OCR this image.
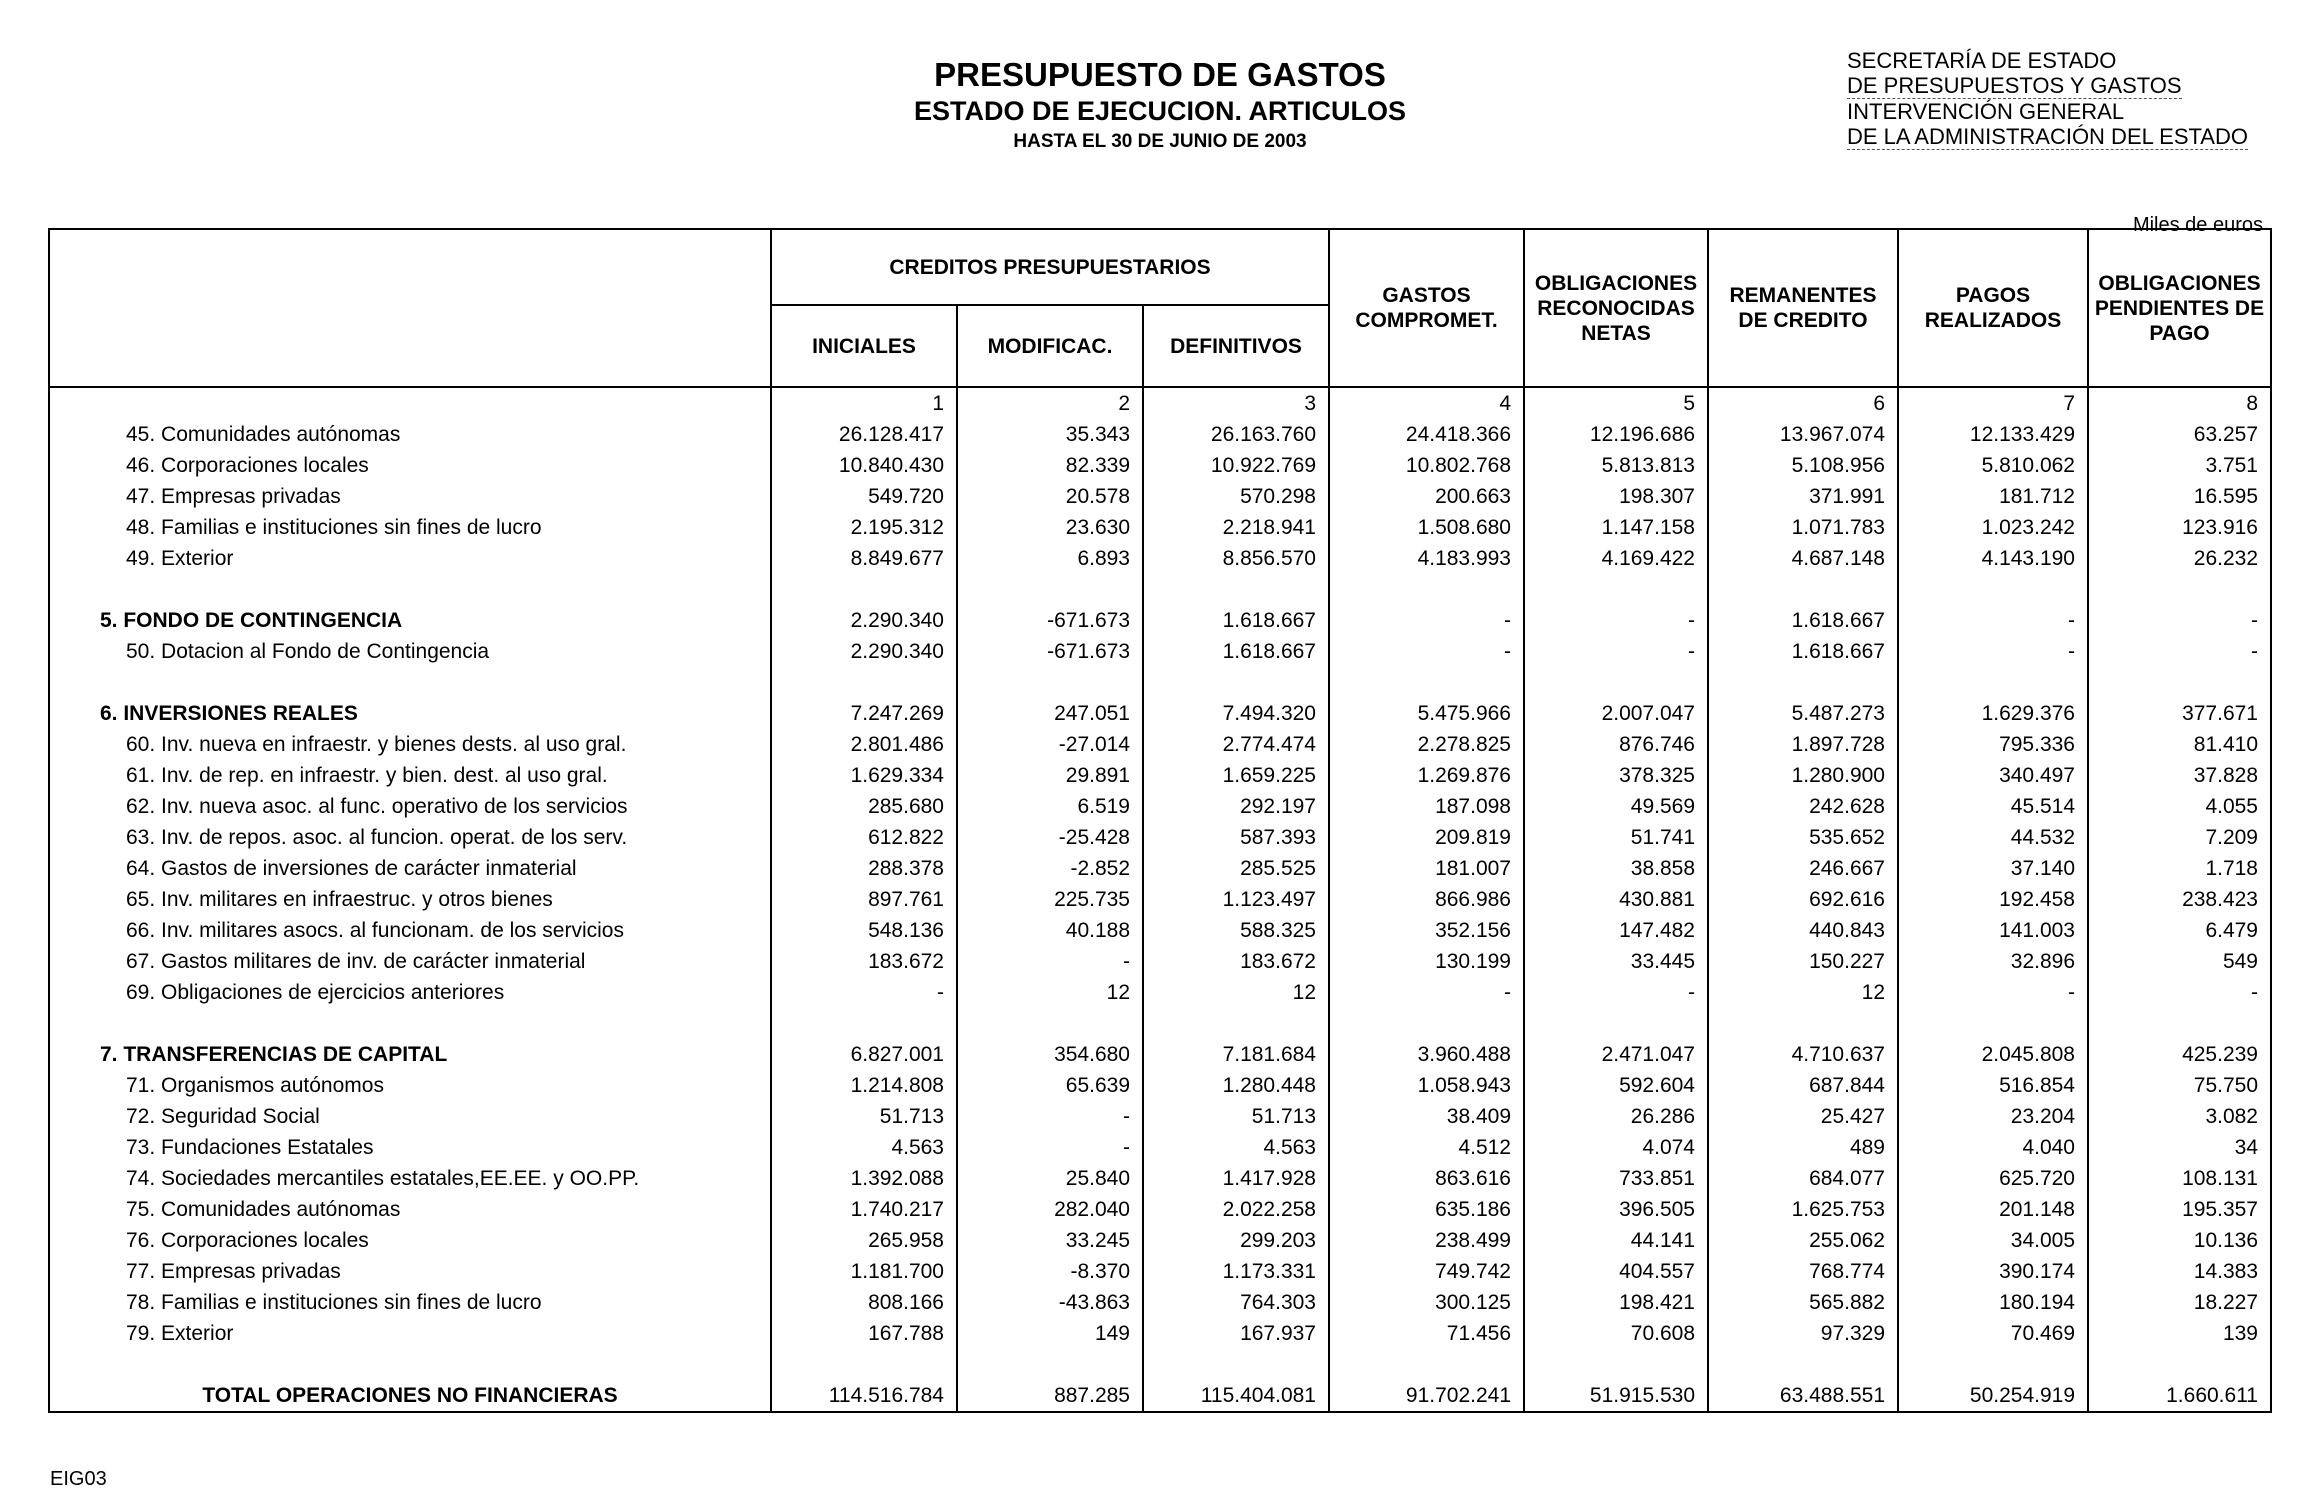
PRESUPUESTO DE GASTOS
ESTADO DE EJECUCION. ARTICULOS
HASTA EL 30 DE JUNIO DE 2003
SECRETARÍA DE ESTADO
DE PRESUPUESTOS Y GASTOS
INTERVENCIÓN GENERAL
DE LA ADMINISTRACIÓN DEL ESTADO
Miles de euros
	CREDITOS PRESUPUESTARIOS			GASTOS COMPROMET.	OBLIGACIONES RECONOCIDAS NETAS	REMANENTES DE CREDITO	PAGOS REALIZADOS	OBLIGACIONES PENDIENTES DE PAGO
	INICIALES	MODIFICAC.	DEFINITIVOS					
	1	2	3	4	5	6	7	8
45. Comunidades autónomas	26.128.417	35.343	26.163.760	24.418.366	12.196.686	13.967.074	12.133.429	63.257
46. Corporaciones locales	10.840.430	82.339	10.922.769	10.802.768	5.813.813	5.108.956	5.810.062	3.751
47. Empresas privadas	549.720	20.578	570.298	200.663	198.307	371.991	181.712	16.595
48. Familias e instituciones sin fines de lucro	2.195.312	23.630	2.218.941	1.508.680	1.147.158	1.071.783	1.023.242	123.916
49. Exterior	8.849.677	6.893	8.856.570	4.183.993	4.169.422	4.687.148	4.143.190	26.232

5. FONDO DE CONTINGENCIA	2.290.340	-671.673	1.618.667	-	-	1.618.667	-	-
50. Dotacion al Fondo de Contingencia	2.290.340	-671.673	1.618.667	-	-	1.618.667	-	-

6. INVERSIONES REALES	7.247.269	247.051	7.494.320	5.475.966	2.007.047	5.487.273	1.629.376	377.671
60. Inv. nueva en infraestr. y bienes dests. al uso gral.	2.801.486	-27.014	2.774.474	2.278.825	876.746	1.897.728	795.336	81.410
61. Inv. de rep. en infraestr. y bien. dest. al uso gral.	1.629.334	29.891	1.659.225	1.269.876	378.325	1.280.900	340.497	37.828
62. Inv. nueva asoc. al func. operativo de los servicios	285.680	6.519	292.197	187.098	49.569	242.628	45.514	4.055
63. Inv. de repos. asoc. al funcion. operat. de los serv.	612.822	-25.428	587.393	209.819	51.741	535.652	44.532	7.209
64. Gastos de inversiones de carácter inmaterial	288.378	-2.852	285.525	181.007	38.858	246.667	37.140	1.718
65. Inv. militares en infraestruc. y otros bienes	897.761	225.735	1.123.497	866.986	430.881	692.616	192.458	238.423
66. Inv. militares asocs. al funcionam. de los servicios	548.136	40.188	588.325	352.156	147.482	440.843	141.003	6.479
67. Gastos militares de inv. de carácter inmaterial	183.672	-	183.672	130.199	33.445	150.227	32.896	549
69. Obligaciones de ejercicios anteriores	-	12	12	-	-	12	-	-

7. TRANSFERENCIAS DE CAPITAL	6.827.001	354.680	7.181.684	3.960.488	2.471.047	4.710.637	2.045.808	425.239
71. Organismos autónomos	1.214.808	65.639	1.280.448	1.058.943	592.604	687.844	516.854	75.750
72. Seguridad Social	51.713	-	51.713	38.409	26.286	25.427	23.204	3.082
73. Fundaciones Estatales	4.563	-	4.563	4.512	4.074	489	4.040	34
74. Sociedades mercantiles estatales,EE.EE. y OO.PP.	1.392.088	25.840	1.417.928	863.616	733.851	684.077	625.720	108.131
75. Comunidades autónomas	1.740.217	282.040	2.022.258	635.186	396.505	1.625.753	201.148	195.357
76. Corporaciones locales	265.958	33.245	299.203	238.499	44.141	255.062	34.005	10.136
77. Empresas privadas	1.181.700	-8.370	1.173.331	749.742	404.557	768.774	390.174	14.383
78. Familias e instituciones sin fines de lucro	808.166	-43.863	764.303	300.125	198.421	565.882	180.194	18.227
79. Exterior	167.788	149	167.937	71.456	70.608	97.329	70.469	139

TOTAL OPERACIONES NO FINANCIERAS	114.516.784	887.285	115.404.081	91.702.241	51.915.530	63.488.551	50.254.919	1.660.611
EIG03
